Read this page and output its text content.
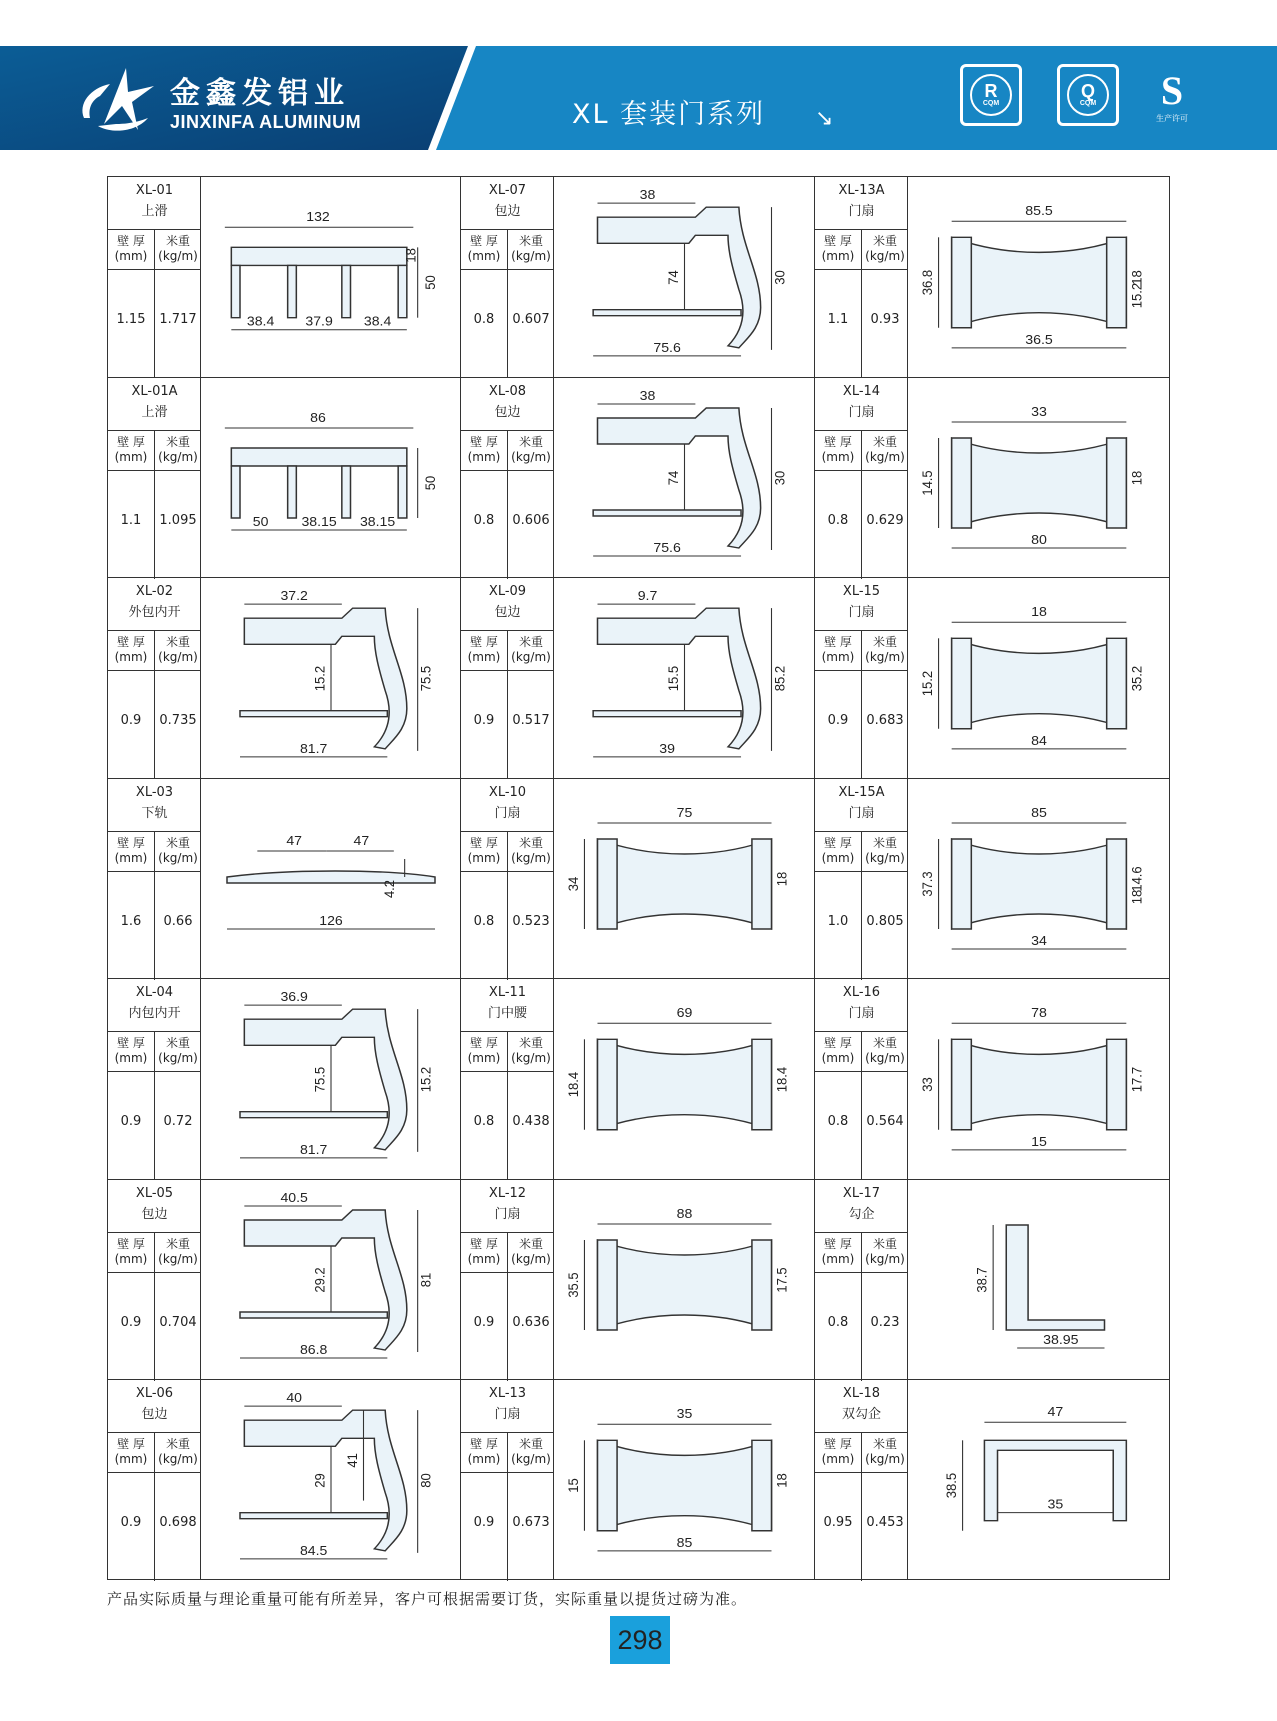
金鑫发铝业
JINXINFA ALUMINUM	XL 套装门系列 ↘
R
CQM
Q
CQM S
生产许可
XL-01
上滑
壁 厚
(mm)
米重
(kg/m)
1.15	1.717
132
50
18
38.4 37.9 38.4
XL-01A
上滑
壁 厚
(mm)
米重
(kg/m)
1.1	1.095
86
50
50	38.15 38.15
XL-02
外包内开
壁 厚
(mm)
米重
(kg/m)
0.9	0.735
37.2
75.5
15.2
81.7
XL-03
下轨
壁 厚
(mm)
米重
(kg/m)
1.6	0.66
47	47
4.2
126
XL-04
内包内开
壁 厚
(mm)
米重
(kg/m)
0.9	0.72
36.9
15.2
75.5
81.7
XL-05
包边
壁 厚
(mm)
米重
(kg/m)
0.9	0.704
40.5
81
29.2
86.8
XL-06
包边
壁 厚
(mm)
米重
(kg/m)
0.9	0.698
40
80
29
84.5
41
XL-07
包边
壁 厚
(mm)
米重
(kg/m)
0.8	0.607
38
30
74
75.6
XL-08
包边
壁 厚
(mm)
米重
(kg/m)
0.8	0.606
38
30
74
75.6
XL-09
包边
壁 厚
(mm)
米重
(kg/m)
0.9	0.517
9.7
85.2
15.5
39
XL-10
门扇
壁 厚
(mm)
米重
(kg/m)
0.8	0.523
75
34	18
XL-11
门中腰
壁 厚
(mm)
米重
(kg/m)
0.8	0.438
69
18.4	18.4
XL-12
门扇
壁 厚
(mm)
米重
(kg/m)
0.9	0.636
88
35.5	17.5
XL-13
门扇
壁 厚
(mm)
米重
(kg/m)
0.9	0.673
35
15	18
85
XL-13A
门扇
壁 厚
(mm)
米重
(kg/m)
1.1	0.93
85.5
36.8	18
15.2
36.5
XL-14
门扇
壁 厚
(mm)
米重
(kg/m)
0.8	0.629
33
14.5	18
80
XL-15
门扇
壁 厚
(mm)
米重
(kg/m)
0.9	0.683
18
15.2	35.2
84
XL-15A
门扇
壁 厚
(mm)
米重
(kg/m)
1.0	0.805
85
37.3	14.6
18
34
XL-16
门扇
壁 厚
(mm)
米重
(kg/m)
0.8	0.564
78
33	17.7
15
XL-17
勾企
壁 厚
(mm)
米重
(kg/m)
0.8	0.23
38.7
38.95
XL-18
双勾企
壁 厚
(mm)
米重
(kg/m)
0.95	0.453
47
38.5
35
产品实际质量与理论重量可能有所差异，客户可根据需要订货，实际重量以提货过磅为准。
298
